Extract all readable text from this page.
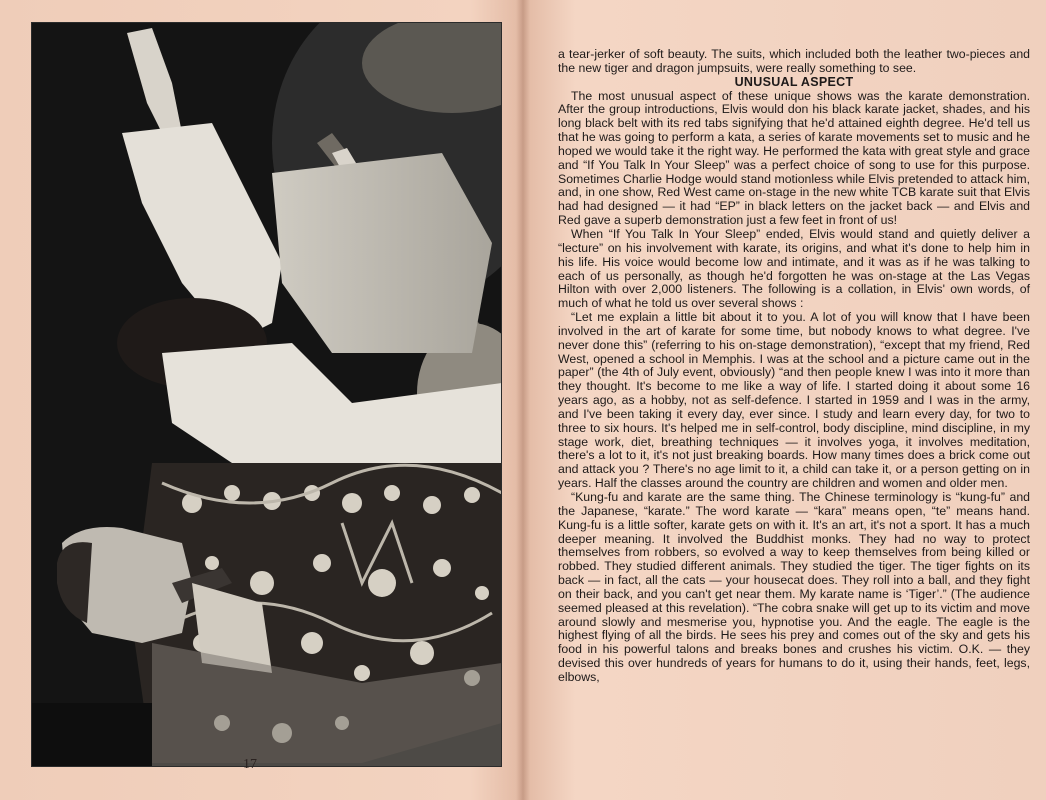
a tear-jerker of soft beauty. The suits, which included both the leather two-pieces and the new tiger and dragon jumpsuits, were really something to see.

UNUSUAL ASPECT

The most unusual aspect of these unique shows was the karate demonstration. After the group introductions, Elvis would don his black karate jacket, shades, and his long black belt with its red tabs signifying that he'd attained eighth degree. He'd tell us that he was going to perform a kata, a series of karate movements set to music and he hoped we would take it the right way. He performed the kata with great style and grace and “If You Talk In Your Sleep” was a perfect choice of song to use for this purpose. Sometimes Charlie Hodge would stand motionless while Elvis pretended to attack him, and, in one show, Red West came on-stage in the new white TCB karate suit that Elvis had had designed — it had “EP” in black letters on the jacket back — and Elvis and Red gave a superb demonstration just a few feet in front of us!

When “If You Talk In Your Sleep” ended, Elvis would stand and quietly deliver a “lecture” on his involvement with karate, its origins, and what it's done to help him in his life. His voice would become low and intimate, and it was as if he was talking to each of us personally, as though he'd forgotten he was on-stage at the Las Vegas Hilton with over 2,000 listeners. The following is a collation, in Elvis' own words, of much of what he told us over several shows :

“Let me explain a little bit about it to you. A lot of you will know that I have been involved in the art of karate for some time, but nobody knows to what degree. I've never done this” (referring to his on-stage demonstration), “except that my friend, Red West, opened a school in Memphis. I was at the school and a picture came out in the paper” (the 4th of July event, obviously) “and then people knew I was into it more than they thought. It's become to me like a way of life. I started doing it about some 16 years ago, as a hobby, not as self-defence. I started in 1959 and I was in the army, and I've been taking it every day, ever since. I study and learn every day, for two to three to six hours. It's helped me in self-control, body discipline, mind discipline, in my stage work, diet, breathing techniques — it involves yoga, it involves meditation, there's a lot to it, it's not just breaking boards. How many times does a brick come out and attack you ? There's no age limit to it, a child can take it, or a person getting on in years. Half the classes around the country are children and women and older men.

“Kung-fu and karate are the same thing. The Chinese terminology is “kung-fu” and the Japanese, “karate.” The word karate — “kara” means open, “te” means hand. Kung-fu is a little softer, karate gets on with it. It's an art, it's not a sport. It has a much deeper meaning. It involved the Buddhist monks. They had no way to protect themselves from robbers, so evolved a way to keep themselves from being killed or robbed. They studied different animals. They studied the tiger. The tiger fights on its back — in fact, all the cats — your housecat does. They roll into a ball, and they fight on their back, and you can't get near them. My karate name is ‘Tiger’.” (The audience seemed pleased at this revelation). “The cobra snake will get up to its victim and move around slowly and mesmerise you, hypnotise you. And the eagle. The eagle is the highest flying of all the birds. He sees his prey and comes out of the sky and gets his food in his powerful talons and breaks bones and crushes his victim. O.K. — they devised this over hundreds of years for humans to do it, using their hands, feet, legs, elbows,

17
